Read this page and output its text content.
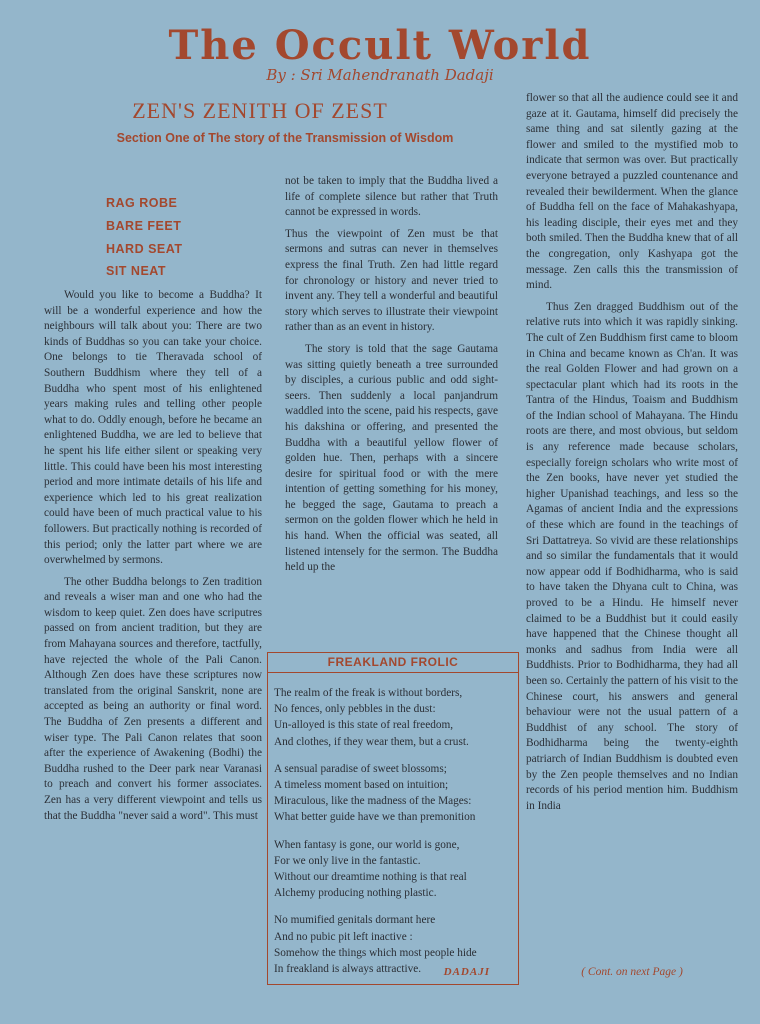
The Occult World
By : Sri Mahendranath Dadaji
ZEN'S ZENITH OF ZEST
Section One of The story of the Transmission of Wisdom
RAG ROBE
BARE FEET
HARD SEAT
SIT NEAT

Would you like to become a Buddha? It will be a wonderful experience and how the neighbours will talk about you: There are two kinds of Buddhas so you can take your choice. One belongs to tie Theravada school of Southern Buddhism where they tell of a Buddha who spent most of his enlightened years making rules and telling other people what to do. Oddly enough, before he became an enlightened Buddha, we are led to believe that he spent his life either silent or speaking very little. This could have been his most interesting period and more intimate details of his life and experience which led to his great realization could have been of much practical value to his followers. But practically nothing is recorded of this period; only the latter part where we are overwhelmed by sermons.

The other Buddha belongs to Zen tradition and reveals a wiser man and one who had the wisdom to keep quiet. Zen does have scriputres passed on from ancient tradition, but they are from Mahayana sources and therefore, tactfully, have rejected the whole of the Pali Canon. Although Zen does have these scriptures now translated from the original Sanskrit, none are accepted as being an authority or final word. The Buddha of Zen presents a different and wiser type. The Pali Canon relates that soon after the experience of Awakening (Bodhi) the Buddha rushed to the Deer park near Varanasi to preach and convert his former associates. Zen has a very different viewpoint and tells us that the Buddha "never said a word". This must

not be taken to imply that the Buddha lived a life of complete silence but rather that Truth cannot be expressed in words.

Thus the viewpoint of Zen must be that sermons and sutras can never in themselves express the final Truth. Zen had little regard for chronology or history and never tried to invent any. They tell a wonderful and beautiful story which serves to illustrate their viewpoint rather than as an event in history.

The story is told that the sage Gautama was sitting quietly beneath a tree surrounded by disciples, a curious public and odd sight-seers. Then suddenly a local panjandrum waddled into the scene, paid his respects, gave his dakshina or offering, and presented the Buddha with a beautiful yellow flower of golden hue. Then, perhaps with a sincere desire for spiritual food or with the mere intention of getting something for his money, he begged the sage, Gautama to preach a sermon on the golden flower which he held in his hand. When the official was seated, all listened intensely for the sermon. The Buddha held up the

flower so that all the audience could see it and gaze at it. Gautama, himself did precisely the same thing and sat silently gazing at the flower and smiled to the mystified mob to indicate that sermon was over. But practically everyone betrayed a puzzled countenance and revealed their bewilderment. When the glance of Buddha fell on the face of Mahakashyapa, his leading disciple, their eyes met and they both smiled. Then the Buddha knew that of all the congregation, only Kashyapa got the message. Zen calls this the transmission of mind.

Thus Zen dragged Buddhism out of the relative ruts into which it was rapidly sinking. The cult of Zen Buddhism first came to bloom in China and became known as Ch'an. It was the real Golden Flower and had grown on a spectacular plant which had its roots in the Tantra of the Hindus, Toaism and Buddhism of the Indian school of Mahayana. The Hindu roots are there, and most obvious, but seldom is any reference made because scholars, especially foreign scholars who write most of the Zen books, have never yet studied the higher Upanishad teachings, and less so the Agamas of ancient India and the expressions of these which are found in the teachings of Sri Dattatreya. So vivid are these relationships and so similar the fundamentals that it would now appear odd if Bodhidharma, who is said to have taken the Dhyana cult to China, was proved to be a Hindu. He himself never claimed to be a Buddhist but it could easily have happened that the Chinese thought all monks and sadhus from India were all Buddhists. Prior to Bodhidharma, they had all been so. Certainly the pattern of his visit to the Chinese court, his answers and general behaviour were not the usual pattern of a Buddhist of any school. The story of Bodhidharma being the twenty-eighth patriarch of Indian Buddhism is doubted even by the Zen people themselves and no Indian records of his period mention him. Buddhism in India

FREAKLAND FROLIC
The realm of the freak is without borders,
No fences, only pebbles in the dust:
Un-alloyed is this state of real freedom,
And clothes, if they wear them, but a crust.
A sensual paradise of sweet blossoms;
A timeless moment based on intuition;
Miraculous, like the madness of the Mages:
What better guide have we than premonition
When fantasy is gone, our world is gone,
For we only live in the fantastic.
Without our dreamtime nothing is that real
Alchemy producing nothing plastic.
No mumified genitals dormant here
And no pubic pit left inactive :
Somehow the things which most people hide
In freakland is always attractive.	DADAJI	( Cont. on next Page )
